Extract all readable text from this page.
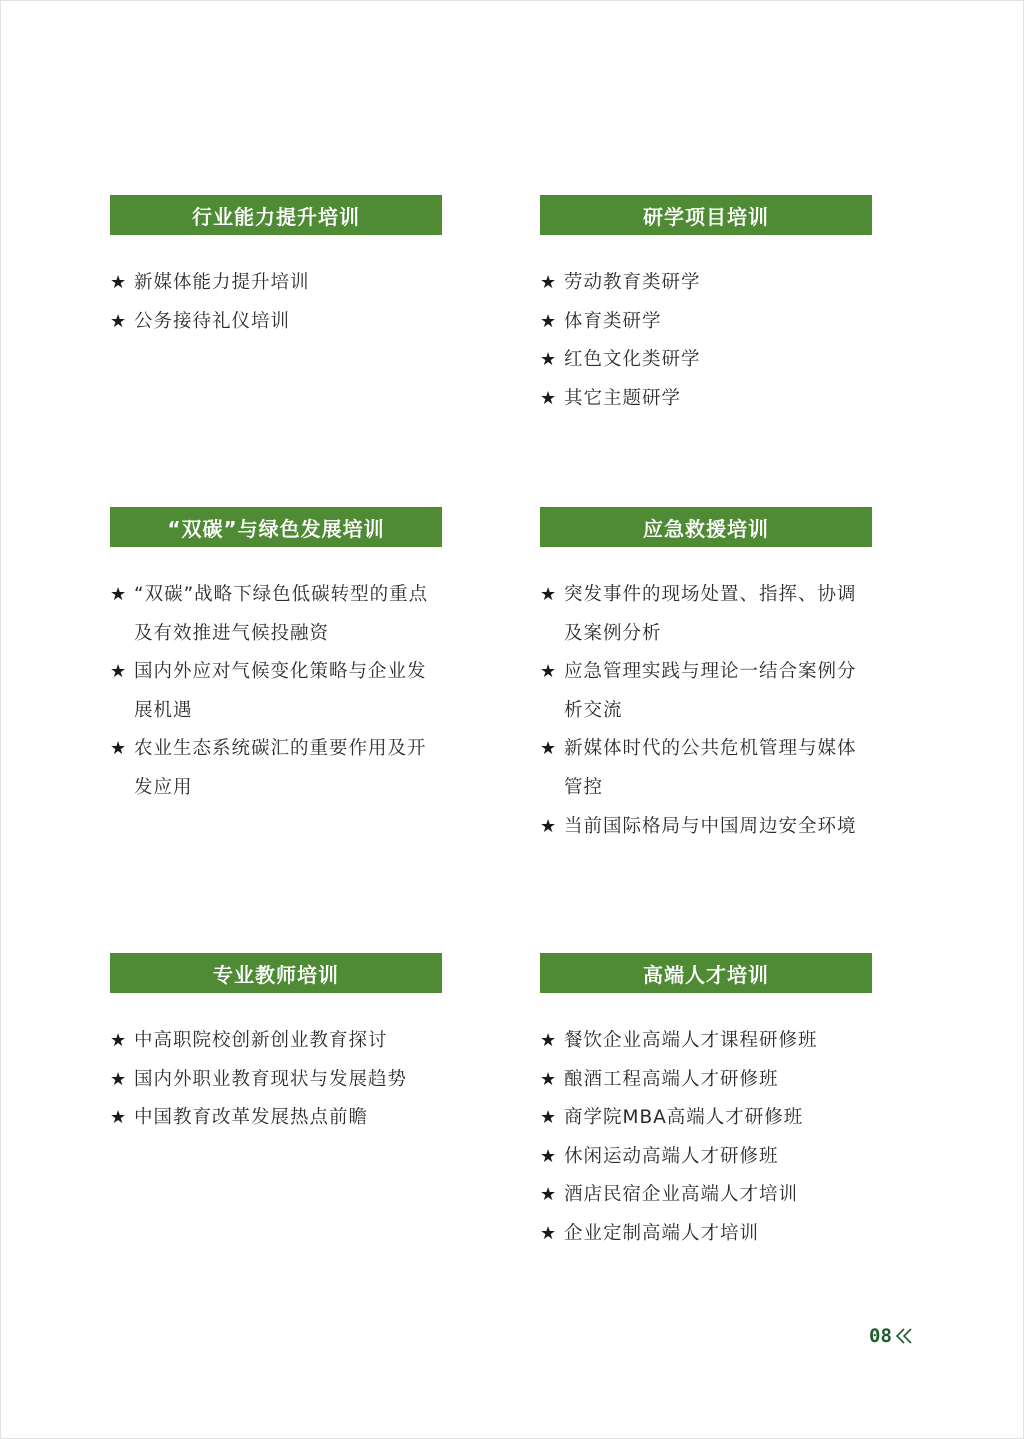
行业能力提升培训
★ 新媒体能力提升培训
★ 公务接待礼仪培训
研学项目培训
★ 劳动教育类研学
★ 体育类研学
★ 红色文化类研学
★ 其它主题研学
“双碳”与绿色发展培训
★ “双碳”战略下绿色低碳转型的重点及有效推进气候投融资
★ 国内外应对气候变化策略与企业发展机遇
★ 农业生态系统碳汇的重要作用及开发应用
应急救援培训
★ 突发事件的现场处置、指挥、协调及案例分析
★ 应急管理实践与理论一结合案例分析交流
★ 新媒体时代的公共危机管理与媒体管控
★ 当前国际格局与中国周边安全环境
专业教师培训
★ 中高职院校创新创业教育探讨
★ 国内外职业教育现状与发展趋势
★ 中国教育改革发展热点前瞻
高端人才培训
★ 餐饮企业高端人才课程研修班
★ 酿酒工程高端人才研修班
★ 商学院MBA高端人才研修班
★ 休闲运动高端人才研修班
★ 酒店民宿企业高端人才培训
★ 企业定制高端人才培训
08
